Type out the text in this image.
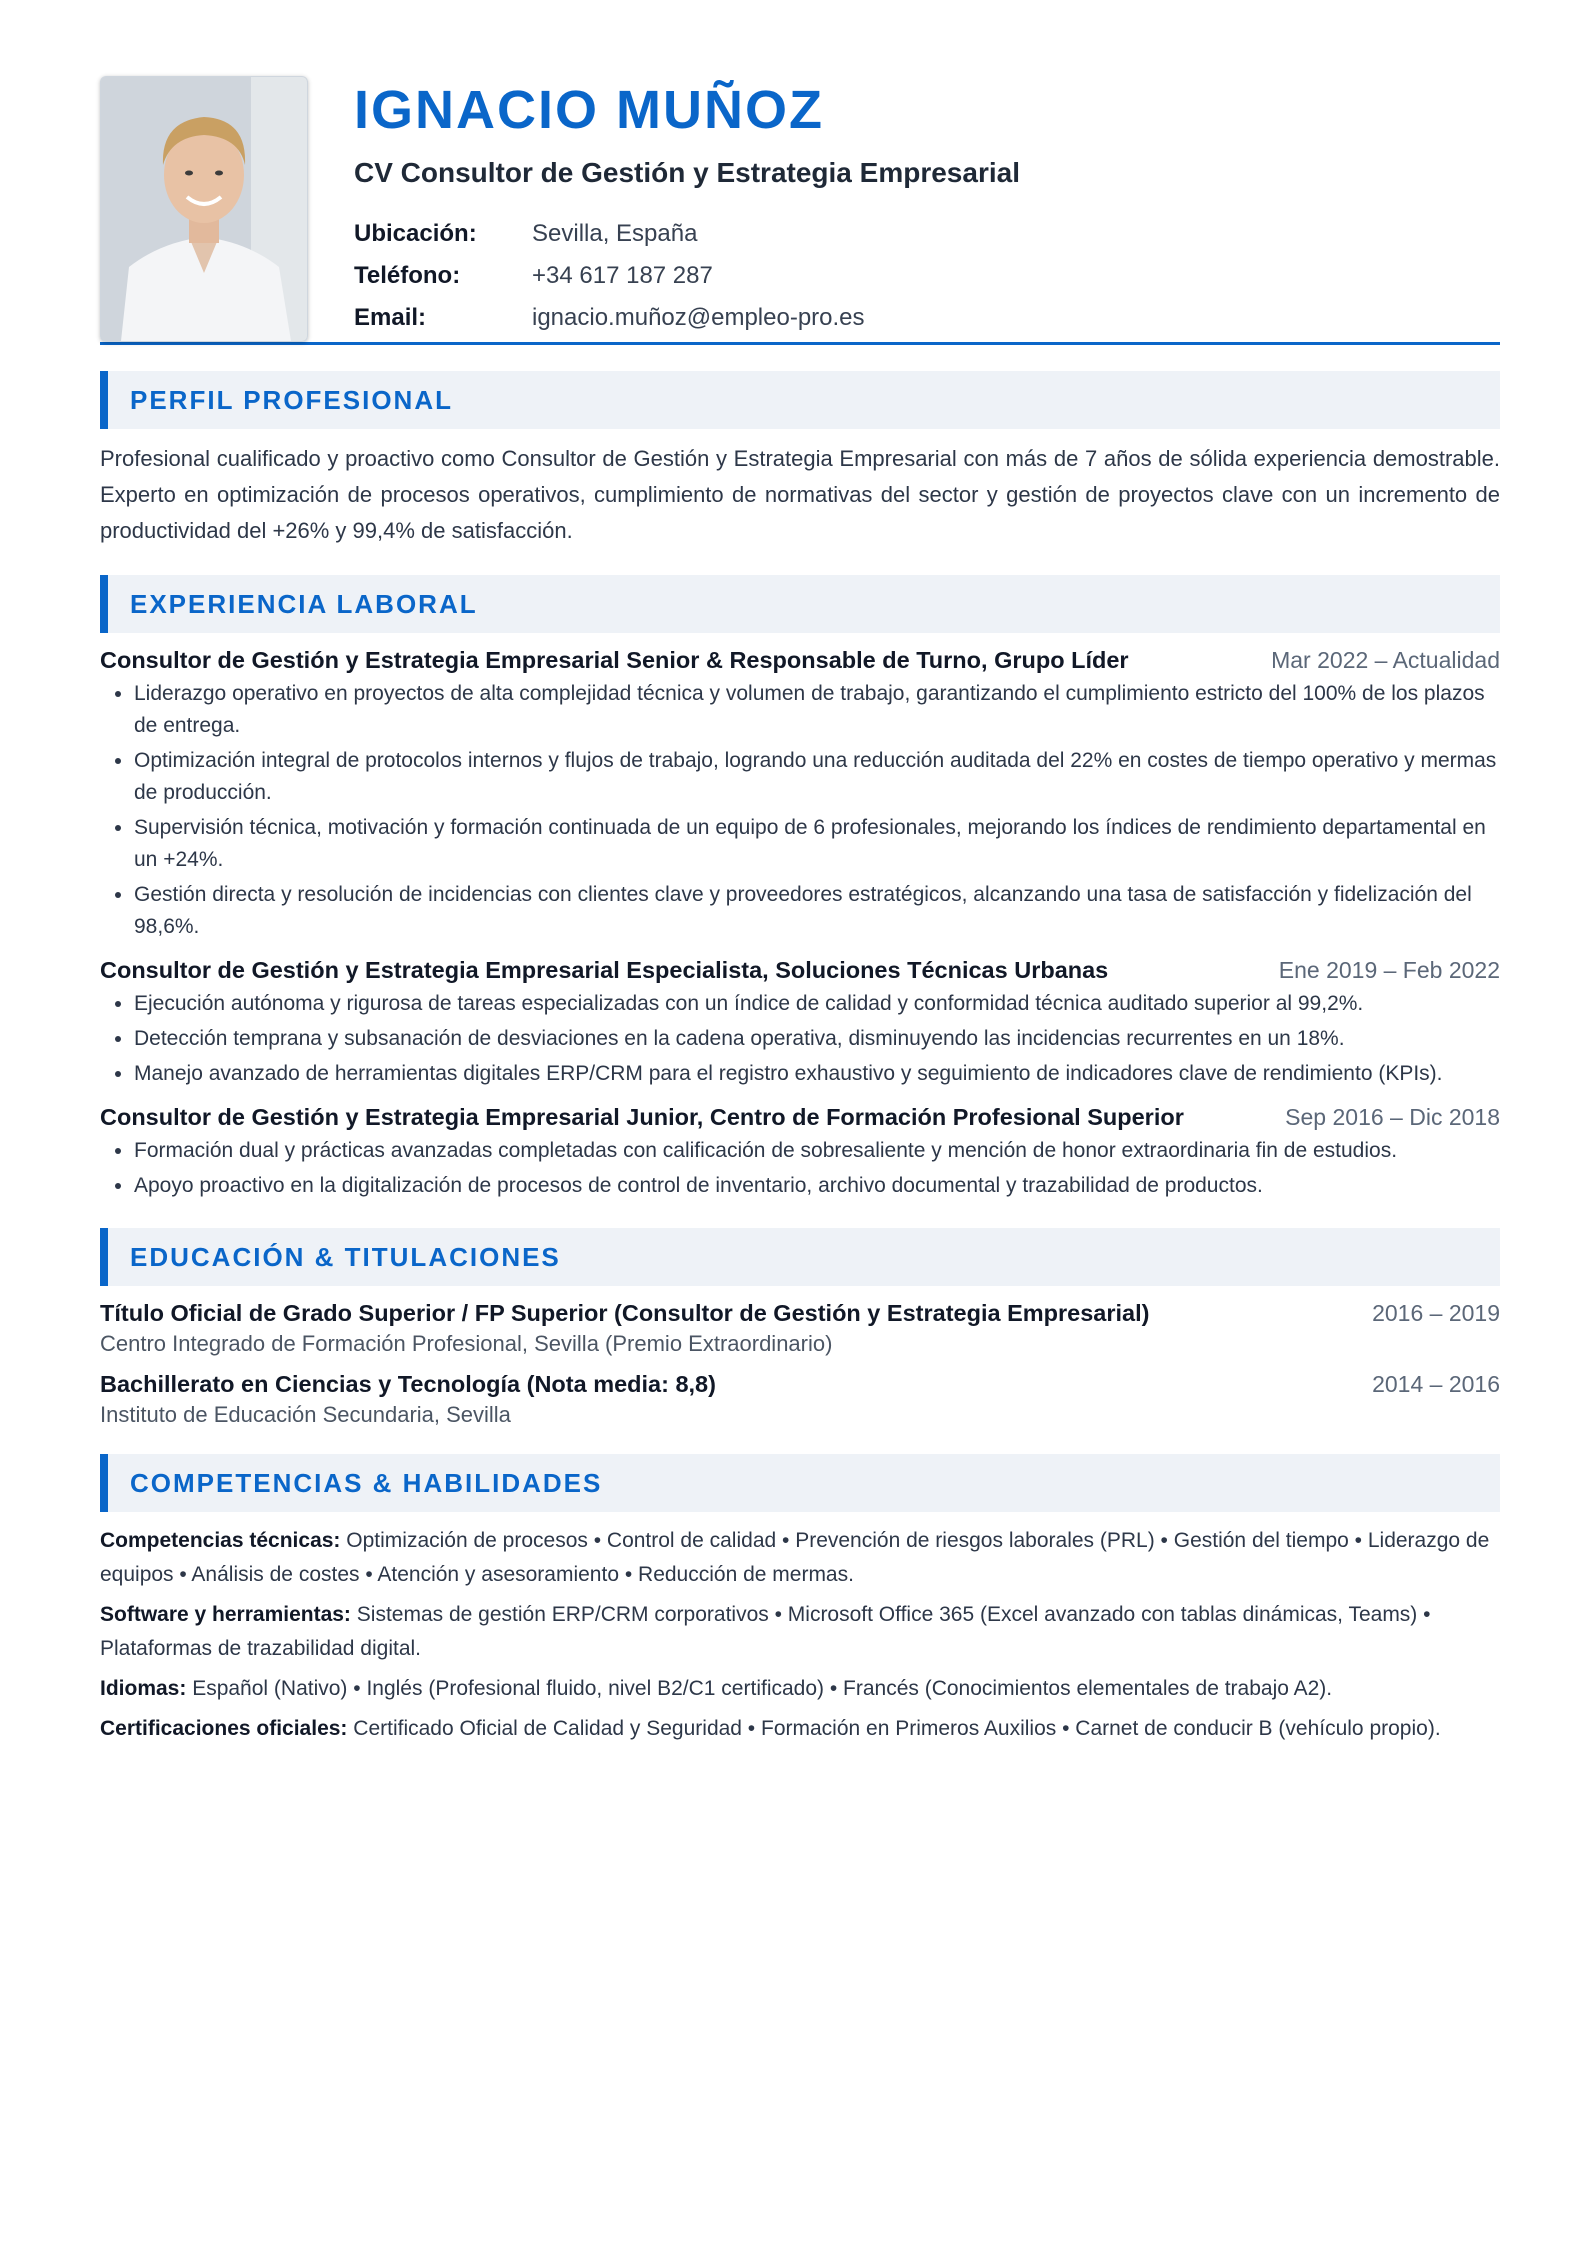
IGNACIO MUÑOZ
CV Consultor de Gestión y Estrategia Empresarial
Ubicación:	Sevilla, España
Teléfono:	+34 617 187 287
Email:	ignacio.muñoz@empleo-pro.es
PERFIL PROFESIONAL

Profesional cualificado y proactivo como Consultor de Gestión y Estrategia Empresarial con más de 7 años de sólida experiencia demostrable. Experto en optimización de procesos operativos, cumplimiento de normativas del sector y gestión de proyectos clave con un incremento de productividad del +26% y 99,4% de satisfacción.

EXPERIENCIA LABORAL
Consultor de Gestión y Estrategia Empresarial Senior & Responsable de Turno, Grupo Líder	Mar 2022 – Actualidad
• Liderazgo operativo en proyectos de alta complejidad técnica y volumen de trabajo, garantizando el cumplimiento estricto del 100% de los plazos de entrega.
• Optimización integral de protocolos internos y flujos de trabajo, logrando una reducción auditada del 22% en costes de tiempo operativo y mermas de producción.
• Supervisión técnica, motivación y formación continuada de un equipo de 6 profesionales, mejorando los índices de rendimiento departamental en un +24%.
• Gestión directa y resolución de incidencias con clientes clave y proveedores estratégicos, alcanzando una tasa de satisfacción y fidelización del 98,6%.
Consultor de Gestión y Estrategia Empresarial Especialista, Soluciones Técnicas Urbanas	Ene 2019 – Feb 2022
• Ejecución autónoma y rigurosa de tareas especializadas con un índice de calidad y conformidad técnica auditado superior al 99,2%.
• Detección temprana y subsanación de desviaciones en la cadena operativa, disminuyendo las incidencias recurrentes en un 18%.
• Manejo avanzado de herramientas digitales ERP/CRM para el registro exhaustivo y seguimiento de indicadores clave de rendimiento (KPIs).
Consultor de Gestión y Estrategia Empresarial Junior, Centro de Formación Profesional Superior	Sep 2016 – Dic 2018
• Formación dual y prácticas avanzadas completadas con calificación de sobresaliente y mención de honor extraordinaria fin de estudios.
• Apoyo proactivo en la digitalización de procesos de control de inventario, archivo documental y trazabilidad de productos.
EDUCACIÓN & TITULACIONES
Título Oficial de Grado Superior / FP Superior (Consultor de Gestión y Estrategia Empresarial)	2016 – 2019
Centro Integrado de Formación Profesional, Sevilla (Premio Extraordinario)
Bachillerato en Ciencias y Tecnología (Nota media: 8,8)	2014 – 2016
Instituto de Educación Secundaria, Sevilla
COMPETENCIAS & HABILIDADES
Competencias técnicas: Optimización de procesos • Control de calidad • Prevención de riesgos laborales (PRL) • Gestión del tiempo • Liderazgo de equipos • Análisis de costes • Atención y asesoramiento • Reducción de mermas.
Software y herramientas: Sistemas de gestión ERP/CRM corporativos • Microsoft Office 365 (Excel avanzado con tablas dinámicas, Teams) • Plataformas de trazabilidad digital.
Idiomas: Español (Nativo) • Inglés (Profesional fluido, nivel B2/C1 certificado) • Francés (Conocimientos elementales de trabajo A2).
Certificaciones oficiales: Certificado Oficial de Calidad y Seguridad • Formación en Primeros Auxilios • Carnet de conducir B (vehículo propio).
